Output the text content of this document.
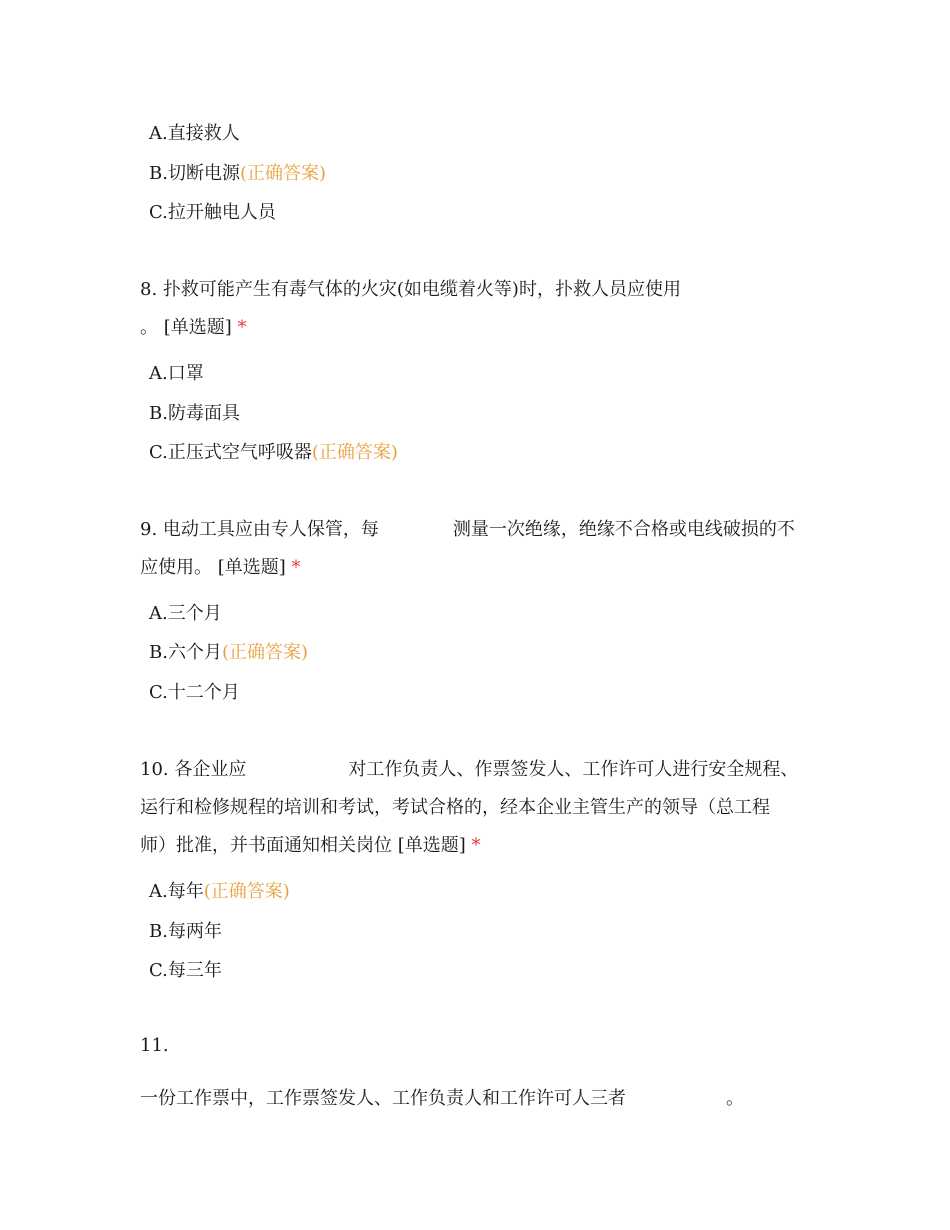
A.直接救人
B.切断电源(正确答案)
C.拉开触电人员
8. 扑救可能产生有毒气体的火灾(如电缆着火等)时，扑救人员应使用
。 [单选题] *
A.口罩
B.防毒面具
C.正压式空气呼吸器(正确答案)
9. 电动工具应由专人保管，每	测量一次绝缘，绝缘不合格或电线破损的不
应使用。 [单选题] *
A.三个月
B.六个月(正确答案)
C.十二个月
10. 各企业应	对工作负责人、作票签发人、工作许可人进行安全规程、
运行和检修规程的培训和考试，考试合格的，经本企业主管生产的领导（总工程
师）批准，并书面通知相关岗位 [单选题] *
A.每年(正确答案)
B.每两年
C.每三年
11.
一份工作票中，工作票签发人、工作负责人和工作许可人三者	。
